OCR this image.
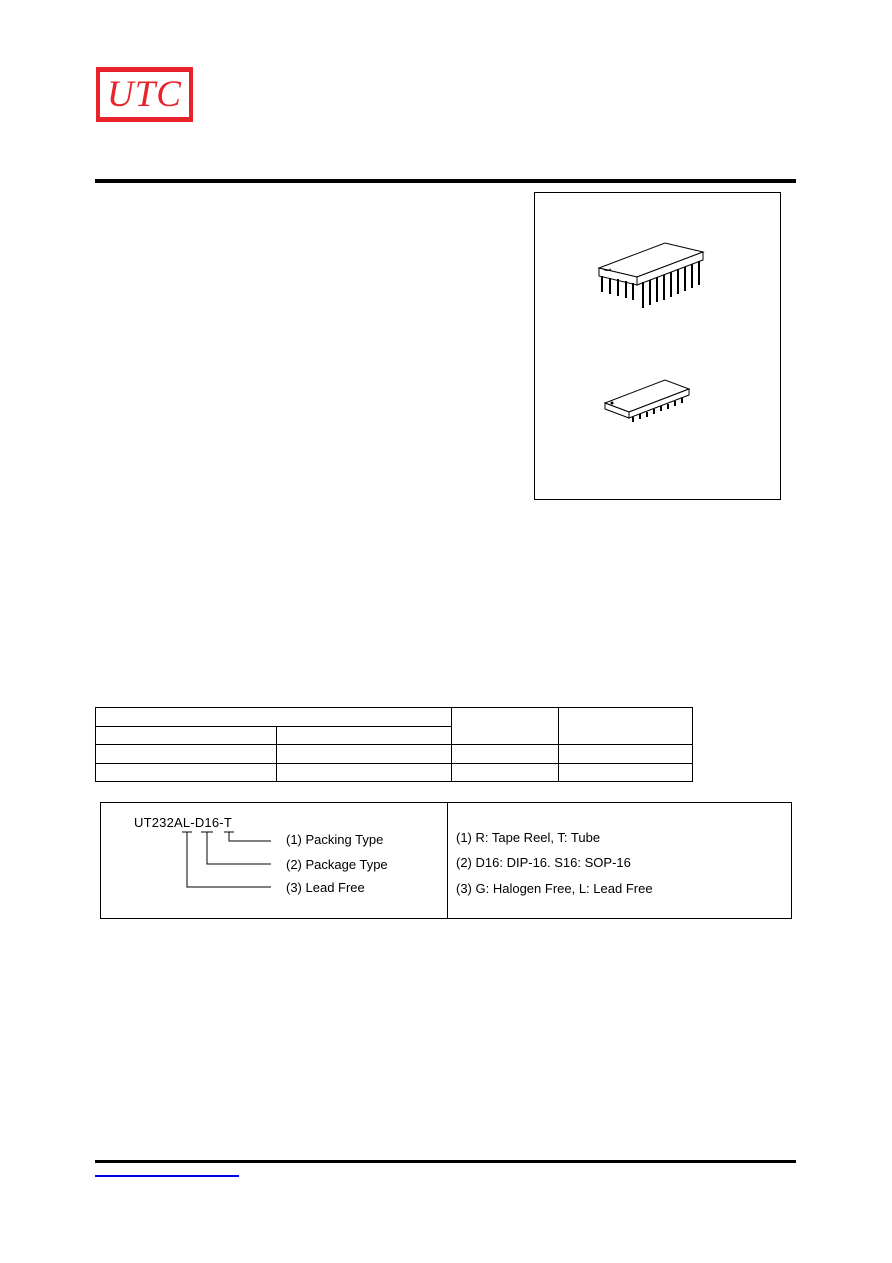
UTC
UT232AL-D16-T
(1) Packing Type
(2) Package Type
(3) Lead Free
(1) R: Tape Reel, T: Tube
(2) D16: DIP-16. S16: SOP-16
(3) G: Halogen Free, L: Lead Free
